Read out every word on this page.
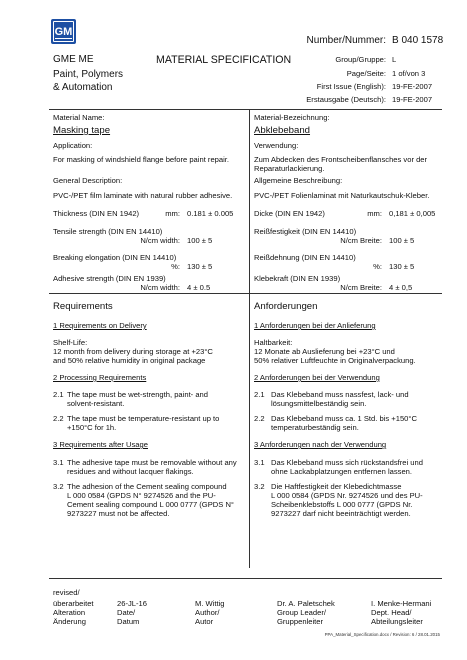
GM
GME ME
Paint, Polymers
& Automation
MATERIAL SPECIFICATION
Number/Nummer: B 040 1578
Group/Gruppe: L
Page/Seite: 1 of/von 3
First Issue (English): 19-FE-2007
Erstausgabe (Deutsch): 19-FE-2007
Material Name:
Masking tape
Application:
For masking of windshield flange before paint repair.
General Description:
PVC-/PET film laminate with natural rubber adhesive.
Thickness (DIN EN 1942)	mm: 0.181 ± 0.005
Tensile strength (DIN EN 14410)
N/cm width: 100 ± 5
Breaking elongation (DIN EN 14410)
%: 130 ± 5
Adhesive strength (DIN EN 1939)
N/cm width: 4 ± 0.5
Material-Bezeichnung:
Abklebeband
Verwendung:
Zum Abdecken des Frontscheibenflansches vor der
Reparaturlackierung.
Allgemeine Beschreibung:
PVC-/PET Folienlaminat mit Naturkautschuk-Kleber.
Dicke (DIN EN 1942)	mm: 0,181 ± 0,005
Reißfestigkeit (DIN EN 14410)
N/cm Breite: 100 ± 5
Reißdehnung (DIN EN 14410)
%: 130 ± 5
Klebekraft (DIN EN 1939)
N/cm Breite: 4 ± 0,5
Requirements
1 Requirements on Delivery
Shelf-Life:
12 month from delivery during storage at +23°C
and 50% relative humidity in original package
2 Processing Requirements
2.1 The tape must be wet-strength, paint- and
solvent-resistant.
2.2 The tape must be temperature-resistant up to
+150°C for 1h.
3 Requirements after Usage
3.1 The adhesive tape must be removable without any
residues and without lacquer flakings.
3.2 The adhesion of the Cement sealing compound
L 000 0584 (GPDS N° 9274526 and the PU-
Cement sealing compound L 000 0777 (GPDS N°
9273227 must not be affected.
Anforderungen
1 Anforderungen bei der Anlieferung
Haltbarkeit:
12 Monate ab Auslieferung bei +23°C und
50% relativer Luftfeuchte in Originalverpackung.
2 Anforderungen bei der Verwendung
2.1 Das Klebeband muss nassfest, lack- und
lösungsmittelbeständig sein.
2.2 Das Klebeband muss ca. 1 Std. bis +150°C
temperaturbeständig sein.
3 Anforderungen nach der Verwendung
3.1 Das Klebeband muss sich rückstandsfrei und
ohne Lackabplatzungen entfernen lassen.
3.2 Die Haftfestigkeit der Klebedichtmasse
L 000 0584 (GPDS Nr. 9274526 und des PU-
Scheibenklebstoffs L 000 0777 (GPDS Nr.
9273227 darf nicht beeinträchtigt werden.
revised/
überarbeitet
Alteration
Änderung
26-JL-16
Date/
Datum
M. Wittig
Author/
Autor
Dr. A. Paletschek
Group Leader/
Gruppenleiter
I. Menke-Hermani
Dept. Head/
Abteilungsleiter
PPA_Material_Specification.docx / Revision: 6 / 28.01.2015
